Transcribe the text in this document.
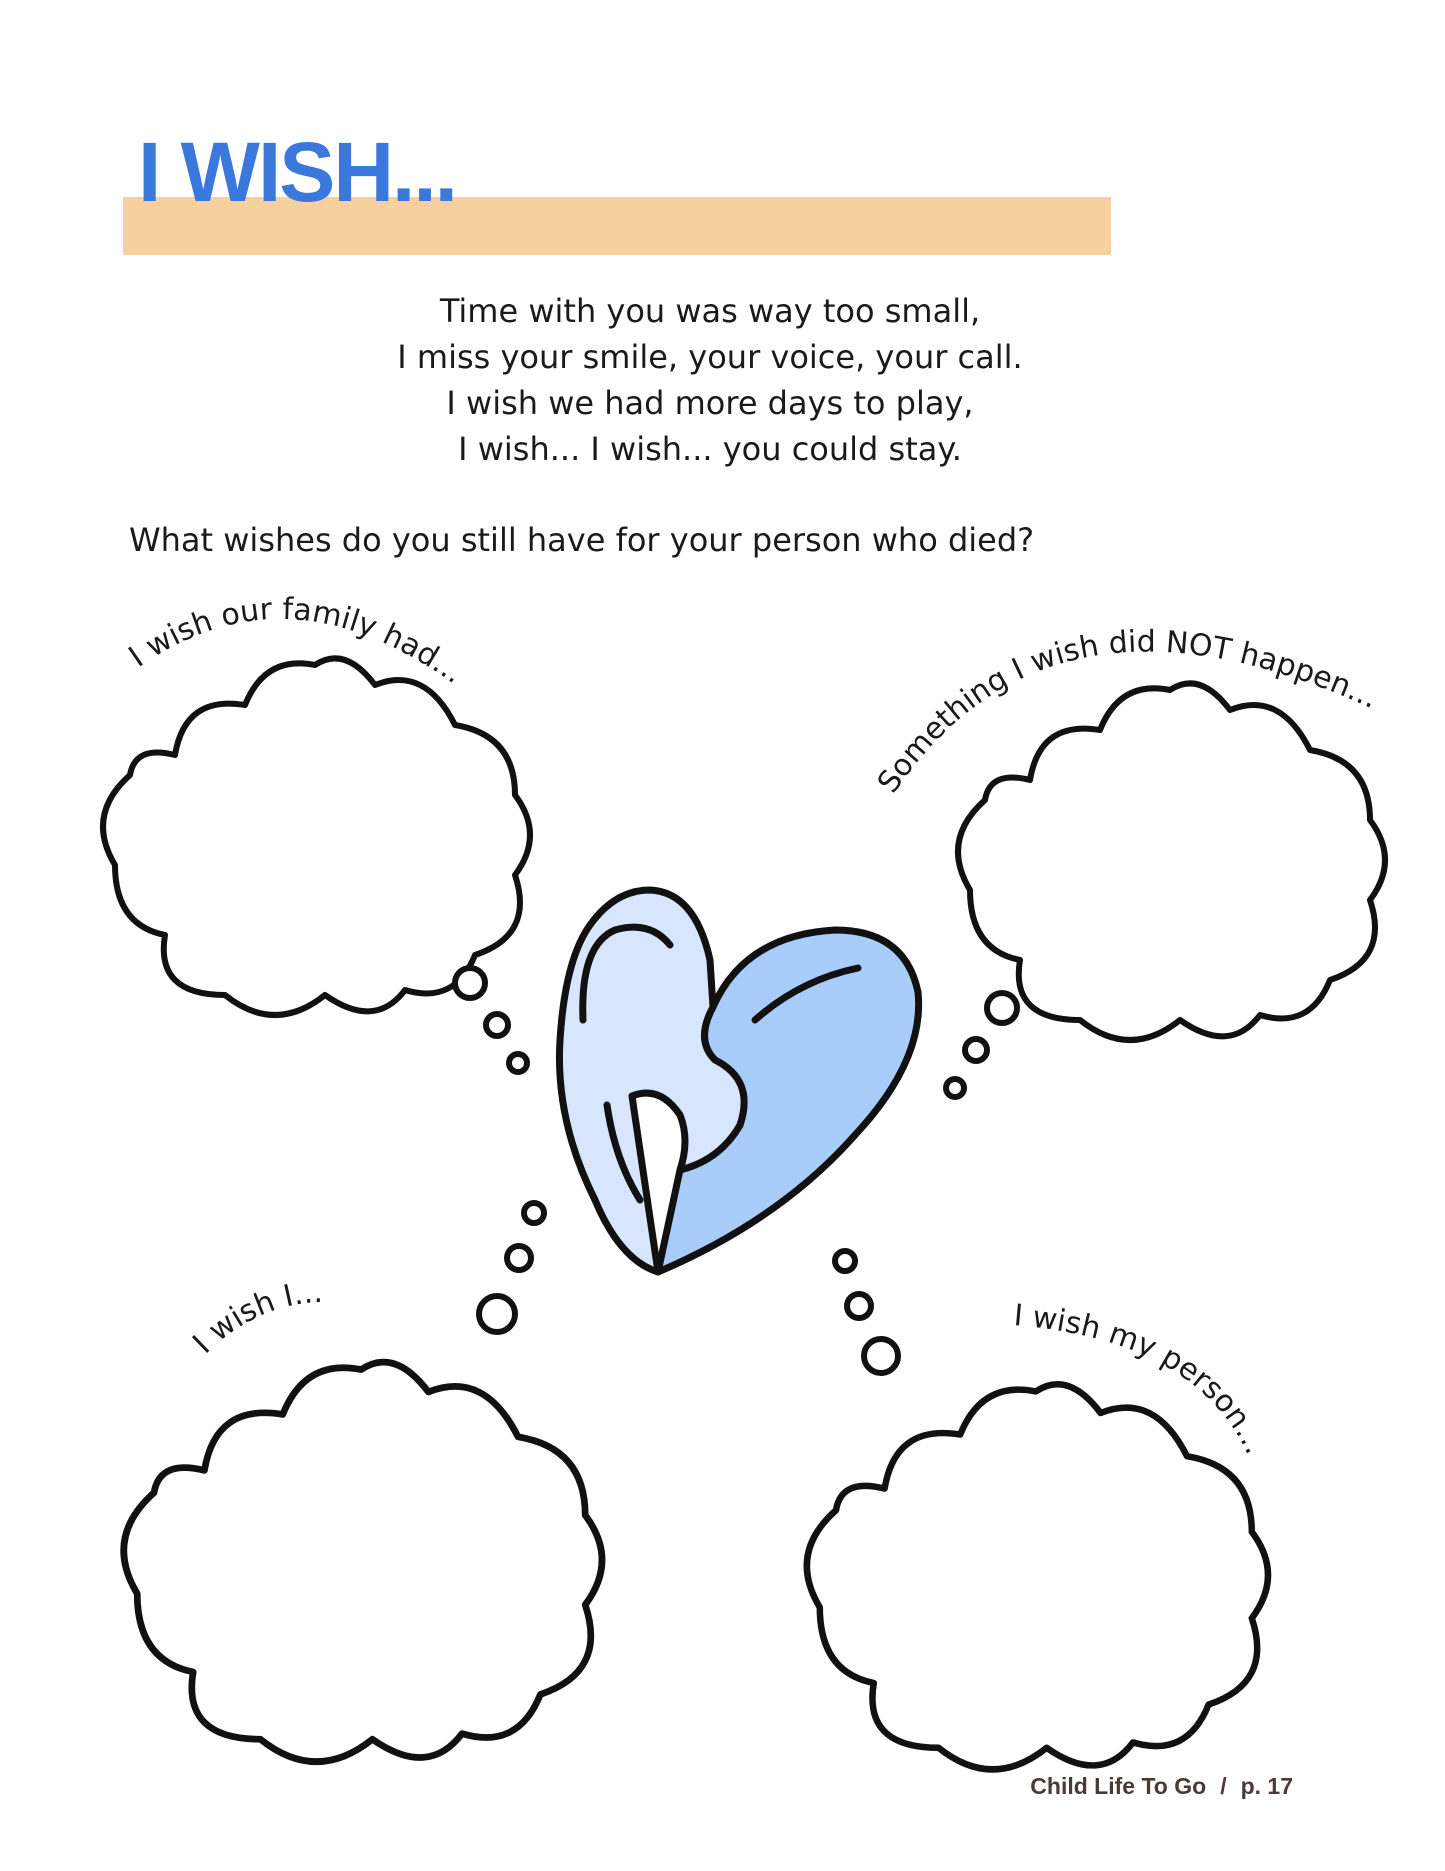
I WISH...
Time with you was way too small,
I miss your smile, your voice, your call.
I wish we had more days to play,
I wish... I wish... you could stay.

What wishes do you still have for your person who died?

I wish our family had...
Something I wish did NOT happen...
I wish I...
I wish my person...

Child Life To Go / p. 17
